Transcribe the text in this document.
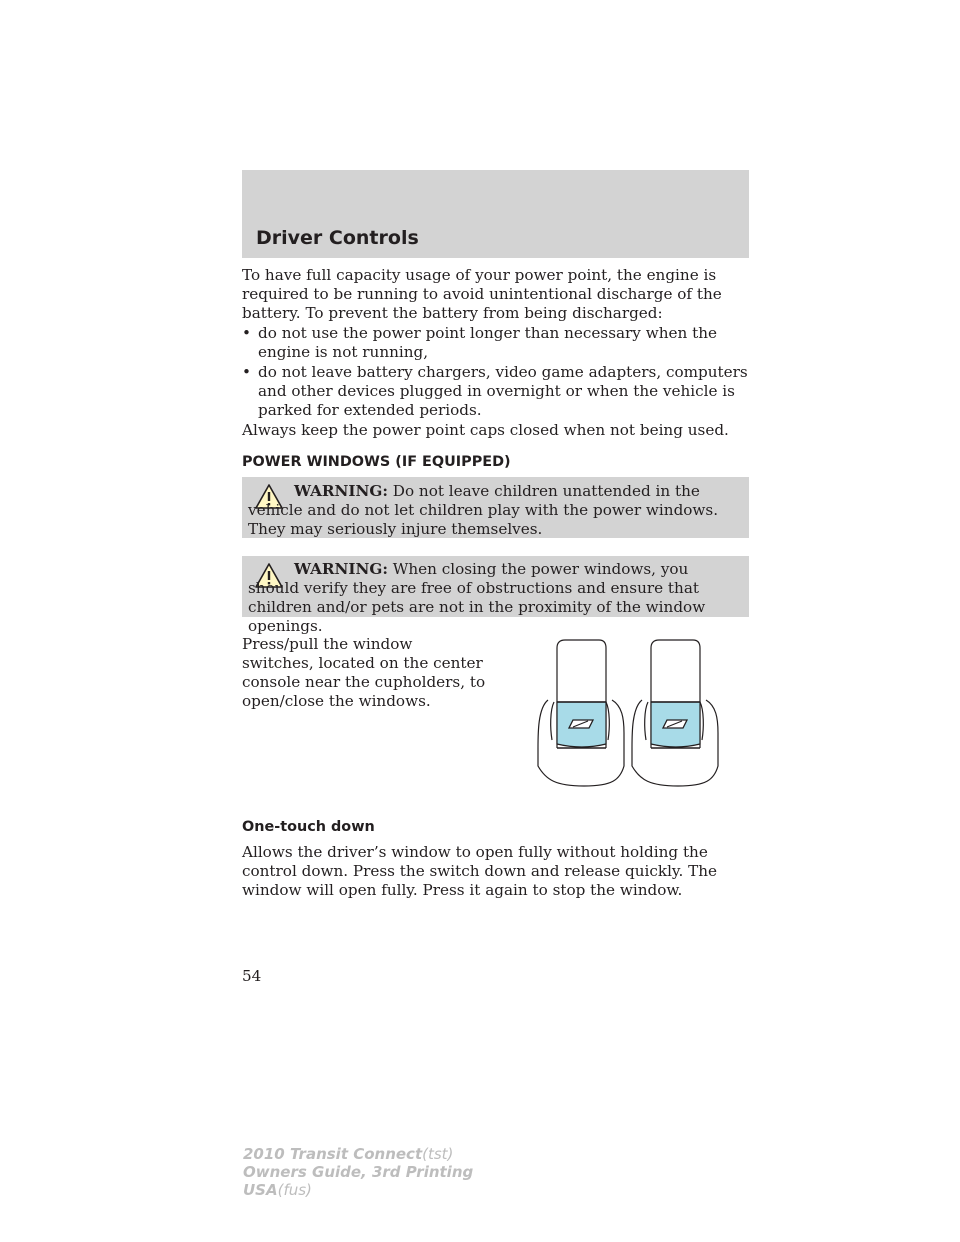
Driver Controls

To have full capacity usage of your power point, the engine is required to be running to avoid unintentional discharge of the battery. To prevent the battery from being discharged:

• do not use the power point longer than necessary when the engine is not running,
• do not leave battery chargers, video game adapters, computers and other devices plugged in overnight or when the vehicle is parked for extended periods.

Always keep the power point caps closed when not being used.

POWER WINDOWS (IF EQUIPPED)

WARNING: Do not leave children unattended in the vehicle and do not let children play with the power windows. They may seriously injure themselves.

WARNING: When closing the power windows, you should verify they are free of obstructions and ensure that children and/or pets are not in the proximity of the window openings.

Press/pull the window switches, located on the center console near the cupholders, to open/close the windows.

One-touch down

Allows the driver’s window to open fully without holding the control down. Press the switch down and release quickly. The window will open fully. Press it again to stop the window.

54

2010 Transit Connect(tst)
Owners Guide, 3rd Printing
USA(fus)
